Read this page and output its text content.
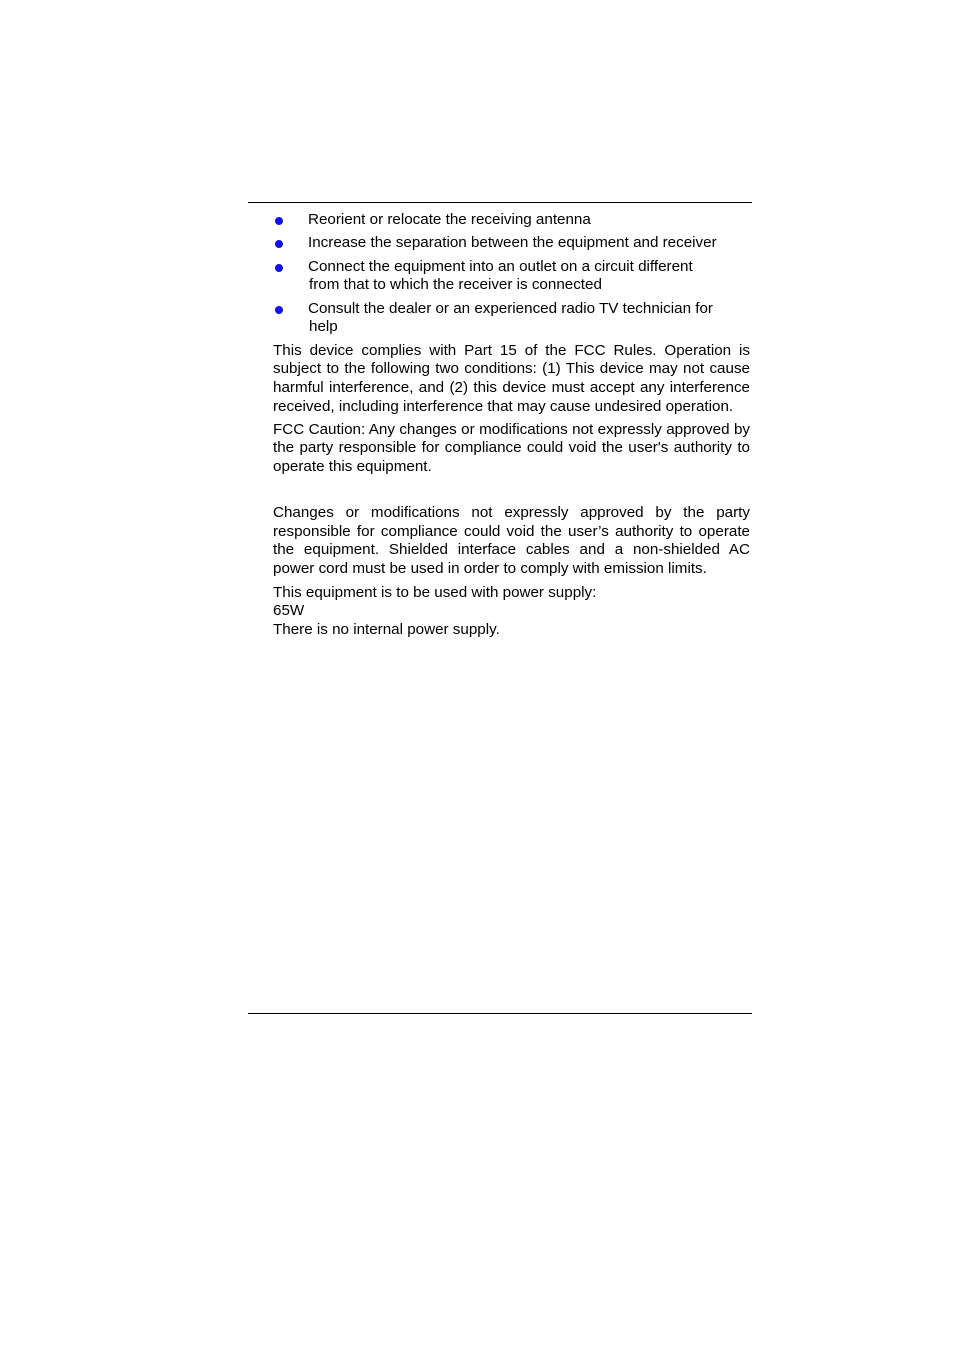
Reorient or relocate the receiving antenna
Increase the separation between the equipment and receiver
Connect the equipment into an outlet on a circuit different
from that to which the receiver is connected
Consult the dealer or an experienced radio TV technician for
help

This device complies with Part 15 of the FCC Rules. Operation is subject to the following two conditions: (1) This device may not cause harmful interference, and (2) this device must accept any interference received, including interference that may cause undesired operation.

FCC Caution: Any changes or modifications not expressly approved by the party responsible for compliance could void the user's authority to operate this equipment.

Changes or modifications not expressly approved by the party responsible for compliance could void the user’s authority to operate the equipment. Shielded interface cables and a non-shielded AC power cord must be used in order to comply with emission limits.

This equipment is to be used with power supply:
65W
There is no internal power supply.
